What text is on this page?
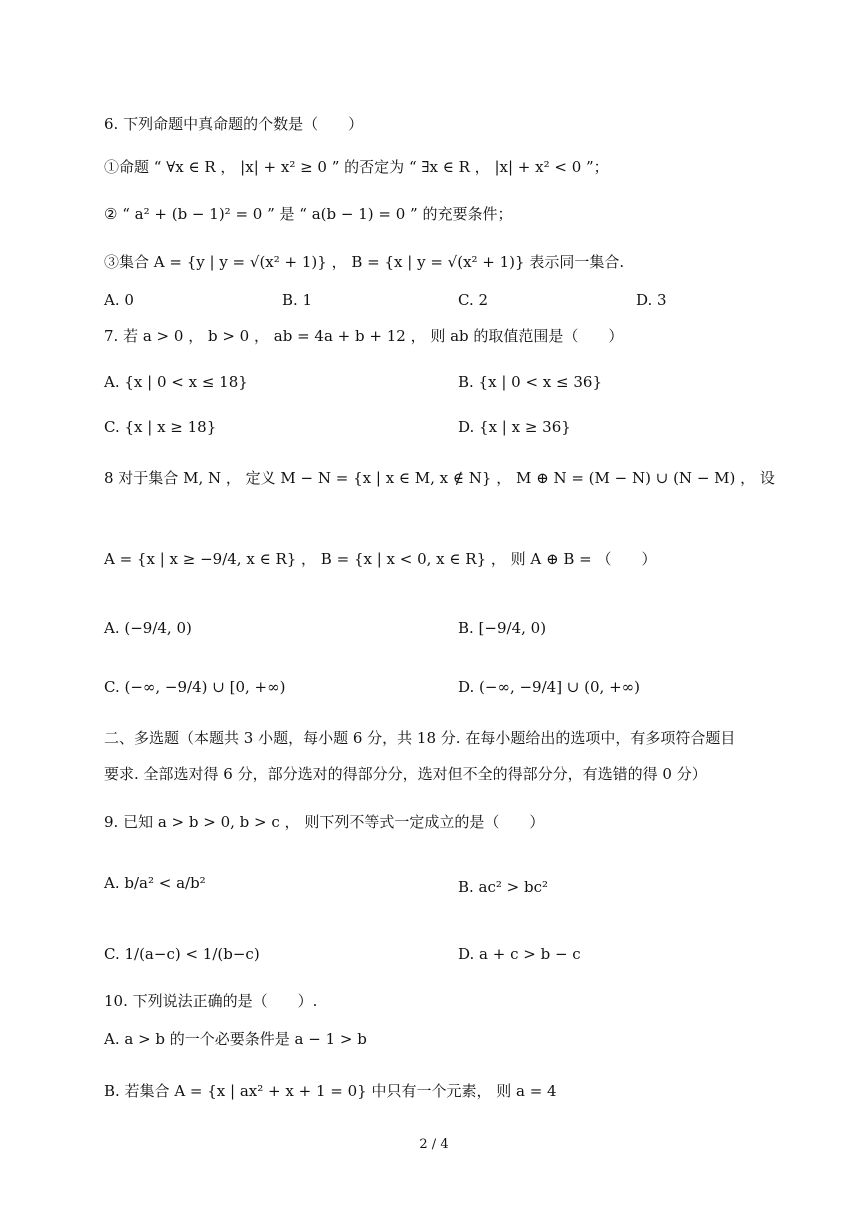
6. 下列命题中真命题的个数是（　　）
①命题 “ ∀x ∈ R ， |x| + x² ≥ 0 ” 的否定为 “ ∃x ∈ R ， |x| + x² < 0 ”；
② “ a² + (b − 1)² = 0 ” 是 “ a(b − 1) = 0 ” 的充要条件；
③集合 A = {y | y = √(x² + 1)} ， B = {x | y = √(x² + 1)} 表示同一集合.
A. 0	B. 1	C. 2	D. 3
7. 若 a > 0 ， b > 0 ， ab = 4a + b + 12 ， 则 ab 的取值范围是（　　）
A. {x | 0 < x ≤ 18}	B. {x | 0 < x ≤ 36}
C. {x | x ≥ 18}	D. {x | x ≥ 36}
8 对于集合 M, N ， 定义 M − N = {x | x ∈ M, x ∉ N} ， M ⊕ N = (M − N) ∪ (N − M) ， 设
A = {x | x ≥ −9/4, x ∈ R} ， B = {x | x < 0, x ∈ R} ， 则 A ⊕ B = （　　）
A. (−9/4, 0)	B. [−9/4, 0)
C. (−∞, −9/4) ∪ [0, +∞)	D. (−∞, −9/4] ∪ (0, +∞)
二、多选题（本题共 3 小题，每小题 6 分，共 18 分. 在每小题给出的选项中，有多项符合题目
要求. 全部选对得 6 分，部分选对的得部分分，选对但不全的得部分分，有选错的得 0 分）
9. 已知 a > b > 0, b > c ， 则下列不等式一定成立的是（　　）
A. b/a² < a/b²	B. ac² > bc²
C. 1/(a−c) < 1/(b−c)	D. a + c > b − c
10. 下列说法正确的是（　　）.
A. a > b 的一个必要条件是 a − 1 > b
B. 若集合 A = {x | ax² + x + 1 = 0} 中只有一个元素， 则 a = 4
2 / 4
